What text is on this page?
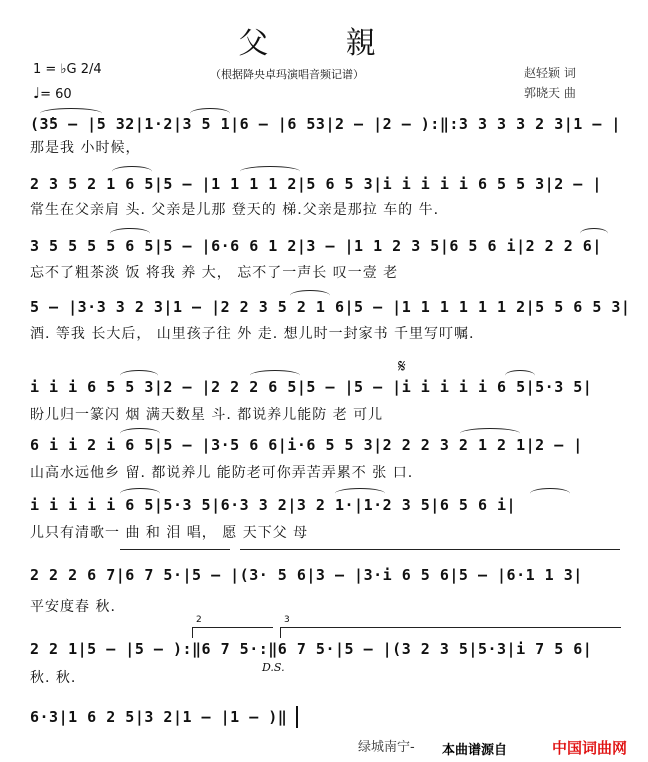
父 親
（根据降央卓玛演唱音频记谱）	赵轻颖 词
郭晓天 曲
1 = ♭G 2/4
♩= 60
(3̇5 – |5 32|1·2|3 5 1|6 – |6 53|2 – |2 – ):‖:3 3 3 3 2 3|1 – |
那是我 小时候，
2 3 5 2 1 6 5|5 – |1 1 1 1 2|5 6 5 3|i i i i i 6 5 5 3|2 – |
常生在父亲肩 头. 父亲是儿那 登天的 梯.父亲是那拉 车的 牛.
3 5 5 5 5 6 5|5 – |6·6 6 1 2|3 – |1 1 2 3 5|6 5 6 i|2 2 2 6|
忘不了粗茶淡 饭 将我 养 大， 忘不了一声长 叹一壹 老
5 – |3·3 3 2 3|1 – |2 2 3 5 2 1 6|5 – |1 1 1 1 1 1 2|5 5 6 5 3|
酒. 等我 长大后， 山里孩子往 外 走. 想儿时一封家书 千里写叮嘱.
𝄋
i i i 6 5 5 3|2 – |2 2 2 6 5|5 – |5 – |i i i i i 6 5|5·3 5|
盼儿归一篆闪 烟 满天数星 斗. 都说养儿能防 老 可儿
6 i i 2 i 6 5|5 – |3·5 6 6|i·6 5 5 3|2 2 2 3 2 1 2 1|2 – |
山高水远他乡 留. 都说养儿 能防老可你弄苦弄累不 张 口.
i i i i i 6 5|5·3 5|6·3 3 2|3 2 1·|1·2 3 5|6 5 6 i|
儿只有清歌一 曲 和 泪 唱， 愿 天下父 母
2 2 2 6 7|6 7 5·|5 – |(3· 5 6|3 – |3·i 6 5 6|5 – |6·1 1 3|
平安度春 秋.
2	3
2 2 1|5 – |5 – ):‖6 7 5·:‖6 7 5·|5 – |(3 2 3 5|5·3|i 7 5 6|
秋. 秋.
D.S.
6·3|1 6 2 5|3 2|1 – |1 – )‖
绿城南宁- 本曲谱源自	中国词曲网
